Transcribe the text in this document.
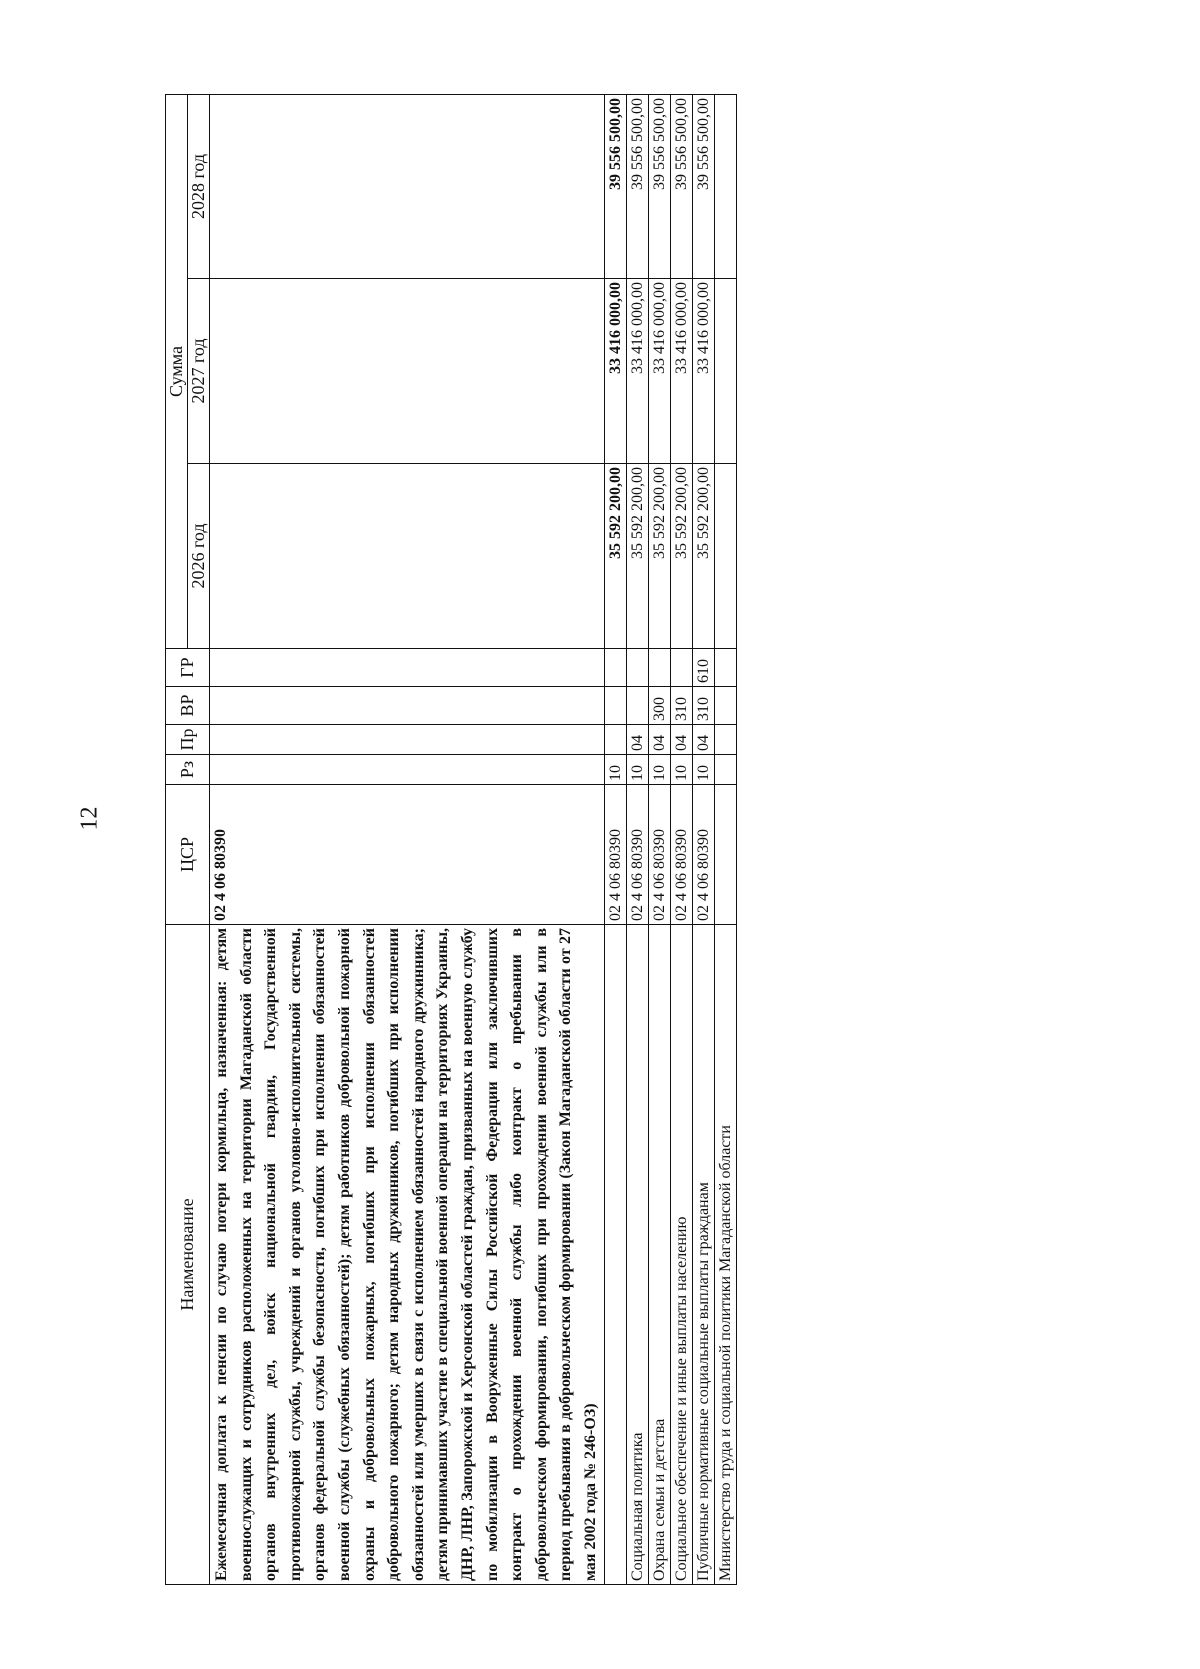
12
Наименование	ЦСР	Рз	Пр	ВР	ГР	Сумма		
						2026 год	2027 год	2028 год
Ежемесячная доплата к пенсии по случаю потери кормильца, назначенная: детям военнослужащих и сотрудников расположенных на территории Магаданской области органов внутренних дел, войск национальной гвардии, Государственной противопожарной службы, учреждений и органов уголовно-исполнительной системы, органов федеральной службы безопасности, погибших при исполнении обязанностей военной службы (служебных обязанностей); детям работников добровольной пожарной охраны и добровольных пожарных, погибших при исполнении обязанностей добровольного пожарного; детям народных дружинников, погибших при исполнении обязанностей или умерших в связи с исполнением обязанностей народного дружинника; детям принимавших участие в специальной военной операции на территориях Украины, ДНР, ЛНР, Запорожской и Херсонской областей граждан, призванных на военную службу по мобилизации в Вооруженные Силы Российской Федерации или заключивших контракт о прохождении военной службы либо контракт о пребывании в добровольческом формировании, погибших при прохождении военной службы или в период пребывания в добровольческом формировании (Закон Магаданской области от 27 мая 2002 года № 246-ОЗ)	02 4 06 80390							
	02 4 06 80390	10				35 592 200,00	33 416 000,00	39 556 500,00
Социальная политика	02 4 06 80390	10	04			35 592 200,00	33 416 000,00	39 556 500,00
Охрана семьи и детства	02 4 06 80390	10	04	300		35 592 200,00	33 416 000,00	39 556 500,00
Социальное обеспечение и иные выплаты населению	02 4 06 80390	10	04	310		35 592 200,00	33 416 000,00	39 556 500,00
Публичные нормативные социальные выплаты гражданам	02 4 06 80390	10	04	310	610	35 592 200,00	33 416 000,00	39 556 500,00
Министерство труда и социальной политики Магаданской области								
